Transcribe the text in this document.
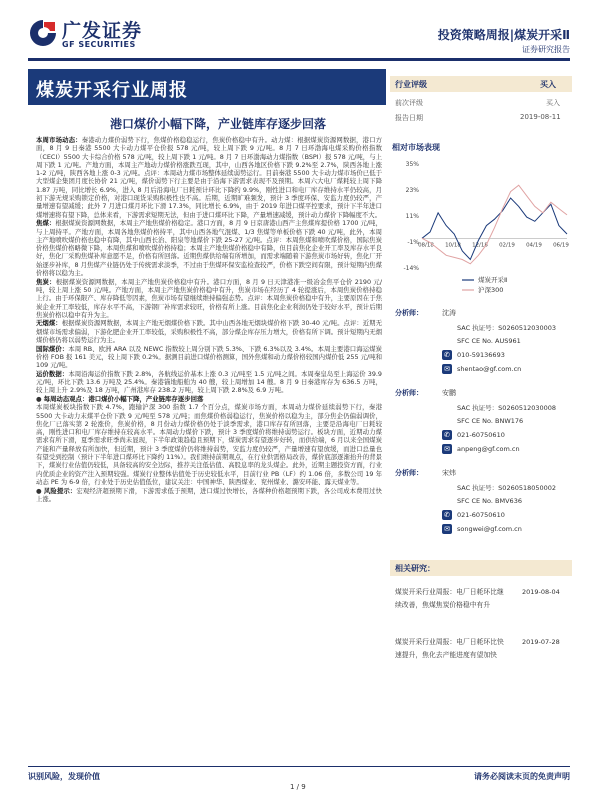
广发证券
GF SECURITIES
投资策略周报|煤炭开采Ⅱ
证券研究报告
煤炭开采行业周报
港口煤价小幅下降，产业链库存逐步回落

本周市场动态：秦港动力煤价弱势下行，焦煤价格稳稳运行，焦炭价格稳中有升。动力煤：根据煤炭资源网数据，港口方面，8 月 9 日秦港 5500 大卡动力煤平仓价报 578 元/吨，较上周下跌 9 元/吨。8 月 7 日环渤海电煤采购价格指数（CECI）5500 大卡综合价格 578 元/吨，较上周下跌 1 元/吨。8 月 7 日环渤海动力煤指数（BSPI）报 578 元/吨，与上周下跌 1 元/吨。产地方面，本周主产地动力煤价格涨跌互现，其中，山西各地区价格下跌 9.2%至 2.7%，陕西各地上涨 1-2 元/吨，陕西各地上涨 0-3 元/吨。点评：本周动力煤市场整体延续弱势运行。目前秦港 5500 大卡动力煤市场价已低于大型煤企集团月度长协价 21 元/吨，煤价弱势下行主要是由于沿海下游需求表现不及预期。本周六大电厂煤耗较上周下降 1.87 万吨，同比增长 6.9%，进入 8 月后沿海电厂日耗预计环比下降约 9.9%，刚性进口和电厂库存维持水平仍较高，月初下游无规采购锁定价格，对港口现货采购积极性也不高。后期，近期旷难频发，预计 3 季度环保、安监力度仍较严，产量增速有望减缓；此外 7 月进口煤月环比下滑 17.3%，同比增长 6.9%，由于 2019 年进口煤平控要求，预计下半年进口煤增速将有望下降，总体来看，下游需求短期无法，但由于进口煤环比下降，产量增速减缓，预计动力煤价下降幅度不大。

焦煤：根据煤炭资源网数据，本周主产地焦煤价格稳定。港口方面，8 月 9 日京唐港山西产主焦煤库提价格 1700 元/吨，与上周持平。产地方面，本周各地焦煤价格持平，其中山西各地气混煤、1/3 焦煤等单板价格下跌 40 元/吨，此外，本周主产地喷吹煤价格也稳中有降，其中山西长治、阳泉等地煤价下跌 25-27 元/吨。点评：本周焦煤和喷吹煤价格，国际焦炭价格焦煤价格略微下降，本周焦煤和喷吹煤价格持稳；本周主产地焦煤价格稳中有降，但目前焦化企业开工率及库存水平良好，焦化厂采购焦煤补库意愿不足，价格有所回落。近期焦煤供给端有所增加，而需求端随着下游焦炭市场好转，焦化厂开始逐步补库，8 月焦煤产业链仍处于传统需求淡季，不过由于焦煤环保安监检查较严，价格下跌空间有限，预计短期内焦煤价格将以稳为主。

焦炭：根据煤炭资源网数据，本周主产地焦炭价格稳中有升。港口方面，8 月 9 日天津港准一级冶金焦平仓价 2190 元/吨，较上周上涨 50 元/吨。产地方面，本周主产地焦炭价格稳中有升，焦炭市场在经历了 4 轮提涨后，本周焦炭价格持稳上行。由于环保限产、库存降低等因素，焦炭市场有望继续维持偏强态势。点评：本周焦炭价格稳中有升，主要原因在于焦炭企业开工率较低，库存水平不高，下游钢厂补库需求较旺，价格有所上涨。目前焦化企业利润仍处于较好水平，预计后期焦炭价格以稳中有升为主。

无烟煤：根据煤炭资源网数据，本周主产地无烟煤价格下跌。其中山西各地无烟块煤价格下跌 30-40 元/吨。点评：近期无烟煤市场需求偏弱，下游化肥企业开工率较低，采购积极性不高，部分煤企库存压力增大，价格有所下调。预计短期内无烟煤价格仍将以弱势运行为主。

国际煤价：本周 RB、欧洲 ARA 以及 NEWC 指数较上周分别下跌 5.3%、下跌 6.3%以及 3.4%。本周主要港口海运煤炭价格 FOB 报 161 美元，较上周下跌 0.2%。据测目前进口煤价格测算，国外焦煤和动力煤价格较国内煤价低 255 元/吨和 109 元/吨。

运价数据：本周沿海运价指数下跌 2.8%，各航线运价基本上涨 0.3 元/吨至 1.5 元/吨之间。本周秦皇岛至上海运价 39.9 元/吨，环比下跌 13.6 万吨及 25.4%。秦港锚地船舶为 40 艘，较上周增加 14 艘。8 月 9 日秦港库存为 636.5 万吨，较上周上升 2.9%及 18 万吨，广州港库存 238.2 万吨，较上周下跌 2.8%及 6.9 万吨。

● 每周动态观点：港口煤价小幅下降，产业链库存逐步回落
本周煤炭板块指数下跌 4.7%，跑输沪深 300 指数 1.7 个百分点，煤炭市场方面，本周动力煤价延续弱势下行，秦港 5500 大卡动力末煤平仓价下跌 9 元/吨至 578 元/吨；而焦煤价格弱稳运行，焦炭价格以稳为主，部分焦企仍偏弱调价，焦化厂已落实第 2 轮涨价，焦炭价格，8 月份动力煤价格仍处于淡季需求，港口库存有所回落，主要是沿海电厂日耗较高，刚性进口和电厂库存维持在较高水平。本周动力煤价下跌，预计 3 季度煤价将维持弱势运行。板块方面，近期动力煤需求有所下滑，夏季需求旺季尚未显现，下半年政策趋稳且预期下，煤炭需求有望逐步好转，而供给端，6 月以来全国煤炭产能和产量释放有所加快，但近期，预计 3 季度煤价仍将维持弱势，安监力度仍较严，产量增速有望放缓，而进口总量也有望受到控制（预计下半年进口煤环比下降约 11%）。我们维持前期观点，在行业供需格局改善，煤价底部逐渐抬升的背景下，煤炭行业估值仍较低，具备较高的安全边际，推荐关注低估值、高股息率的龙头煤企。此外，近期主题投资方面，行业内优质企业的资产注入预期较强。煤炭行业整体估值处于历史较低水平，目前行业 PB（LF）约 1.06 倍，多数公司 19 年动态 PE 为 6-9 倍，行业处于历史估值低位，建议关注：中国神华、陕西煤业、兖州煤业、潞安环能、露天煤业等。

● 风险提示：宏观经济超预期下滑，下游需求低于预期，进口煤过快增长，各煤种价格超预期下跌，各公司成本费用过快上涨。

行业评级	买入
前次评级	买入
报告日期	2019-08-11
相对市场表现
35%
23%
11%
-1%
-14%
08/18 10/18 12/18 02/19 04/19 06/19
煤炭开采Ⅱ
沪深300
分析师：	沈涛
SAC 执证号：S0260512030003
SFC CE No. AUS961
✆	010-59136693
✉	shentao@gf.com.cn
分析师：	安鹏
SAC 执证号：S0260512030008
SFC CE No. BNW176
✆	021-60750610
✉	anpeng@gf.com.cn
分析师：	宋炜
SAC 执证号：S0260518050002
SFC CE No. BMV636
✆	021-60750610
✉	songwei@gf.com.cn
相关研究：
煤炭开采行业周报：电厂日耗环比继续改善，焦煤焦炭价格稳中有升
2019-08-04
煤炭开采行业周报：电厂日耗环比快速提升，焦化去产能进度有望加快
2019-07-28
识别风险，发现价值	请务必阅读末页的免责声明
1 / 9
